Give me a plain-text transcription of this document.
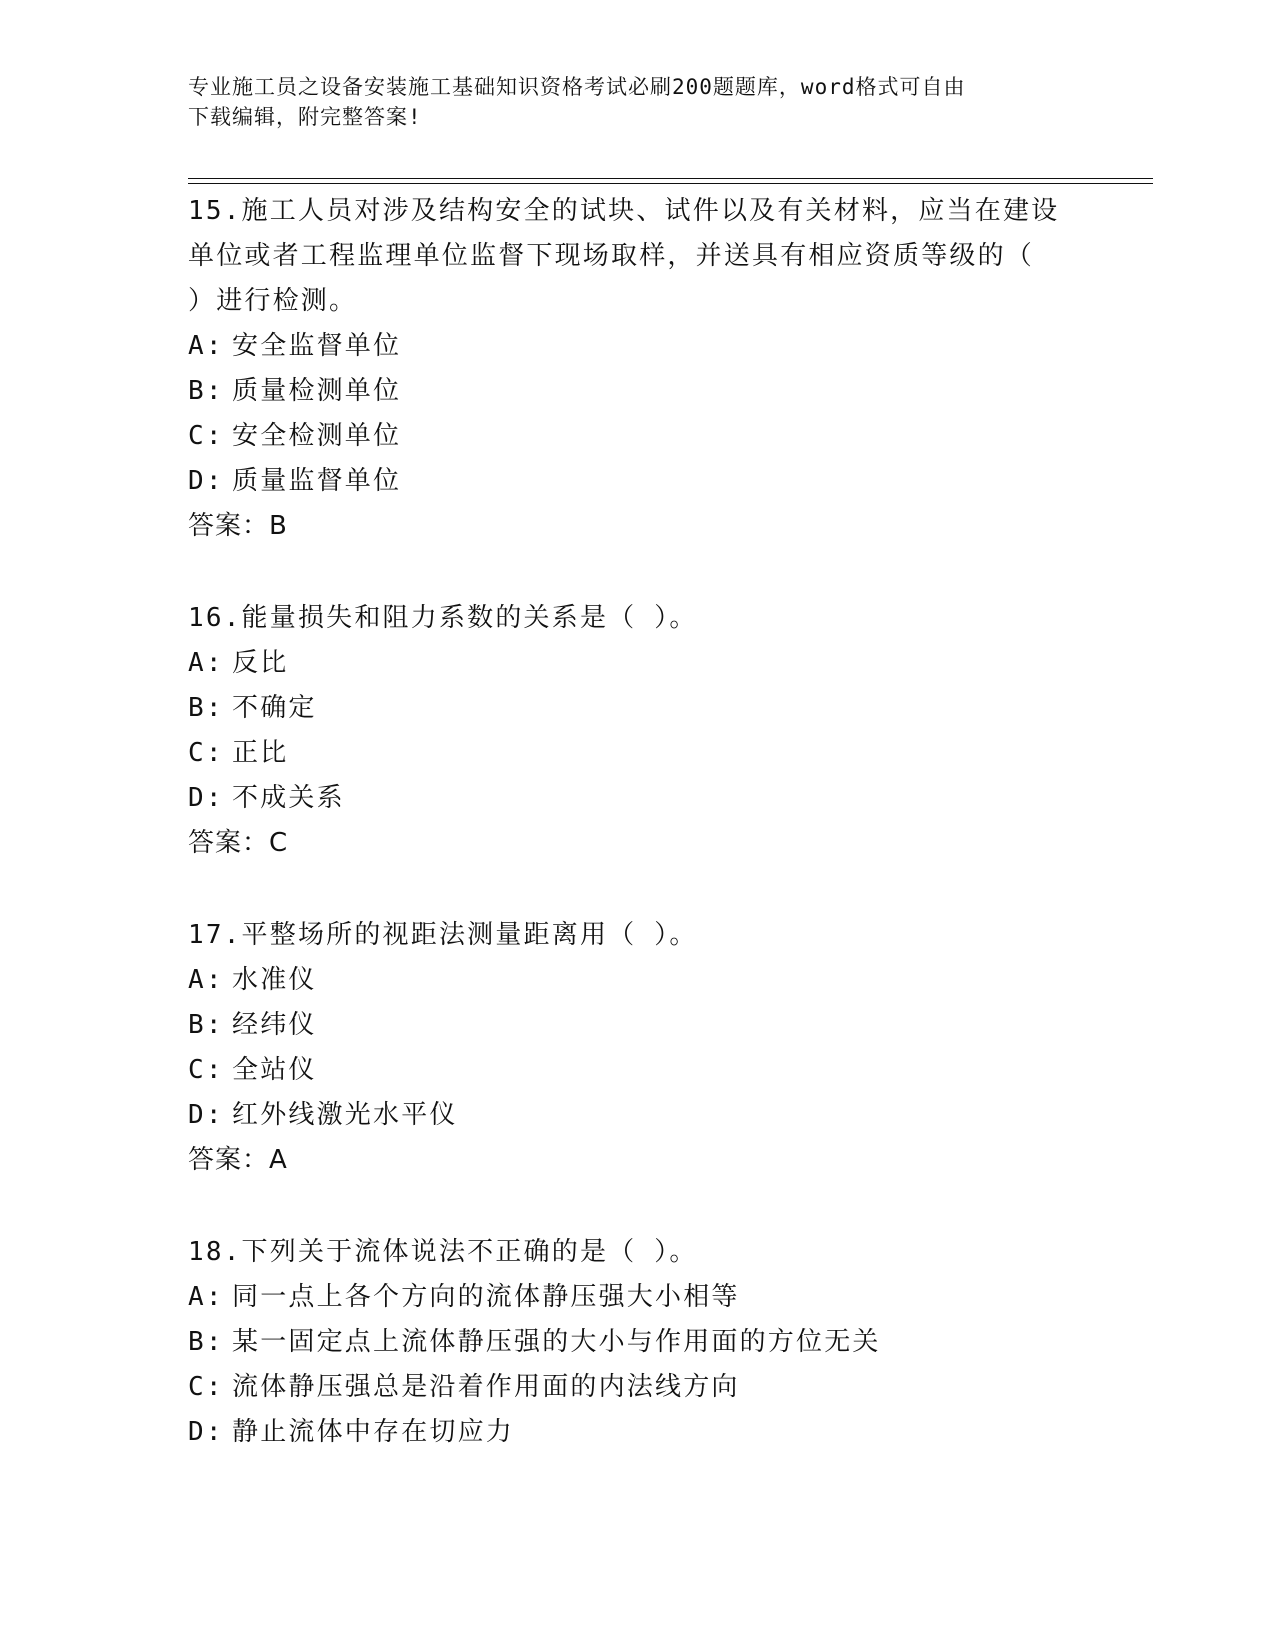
专业施工员之设备安装施工基础知识资格考试必刷200题题库，word格式可自由
下载编辑，附完整答案!

15.施工人员对涉及结构安全的试块、试件以及有关材料，应当在建设

单位或者工程监理单位监督下现场取样，并送具有相应资质等级的（

）进行检测。

A: 安全监督单位

B: 质量检测单位

C: 安全检测单位

D: 质量监督单位

答案：B

16.能量损失和阻力系数的关系是（ ）。

A: 反比

B: 不确定

C: 正比

D: 不成关系

答案：C

17.平整场所的视距法测量距离用（ ）。

A: 水准仪

B: 经纬仪

C: 全站仪

D: 红外线激光水平仪

答案：A

18.下列关于流体说法不正确的是（ ）。

A: 同一点上各个方向的流体静压强大小相等

B: 某一固定点上流体静压强的大小与作用面的方位无关

C: 流体静压强总是沿着作用面的内法线方向

D: 静止流体中存在切应力
